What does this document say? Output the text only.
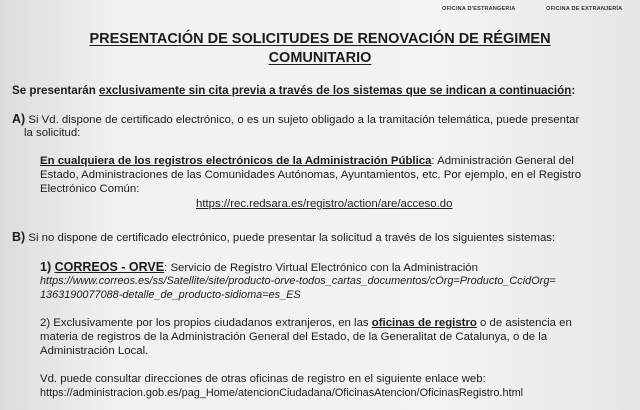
OFICINA D'ESTRANGERIA	OFICINA DE EXTRANJERÍA
PRESENTACIÓN DE SOLICITUDES DE RENOVACIÓN DE RÉGIMEN
COMUNITARIO
Se presentarán exclusivamente sin cita previa a través de los sistemas que se indican a continuación:
A) Si Vd. dispone de certificado electrónico, o es un sujeto obligado a la tramitación telemática, puede presentar
la solicitud:
En cualquiera de los registros electrónicos de la Administración Pública: Administración General del
Estado, Administraciones de las Comunidades Autónomas, Ayuntamientos, etc. Por ejemplo, en el Registro
Electrónico Común:
https://rec.redsara.es/registro/action/are/acceso.do
B) Si no dispone de certificado electrónico, puede presentar la solicitud a través de los siguientes sistemas:
1) CORREOS - ORVE: Servicio de Registro Virtual Electrónico con la Administración
https://www.correos.es/ss/Satellite/site/producto-orve-todos_cartas_documentos/cOrg=Producto_CcidOrg=
1363190077088-detalle_de_producto-sidioma=es_ES
2) Exclusivamente por los propios ciudadanos extranjeros, en las oficinas de registro o de asistencia en
materia de registros de la Administración General del Estado, de la Generalitat de Catalunya, o de la
Administración Local.
Vd. puede consultar direcciones de otras oficinas de registro en el siguiente enlace web:
https://administracion.gob.es/pag_Home/atencionCiudadana/OficinasAtencion/OficinasRegistro.html
